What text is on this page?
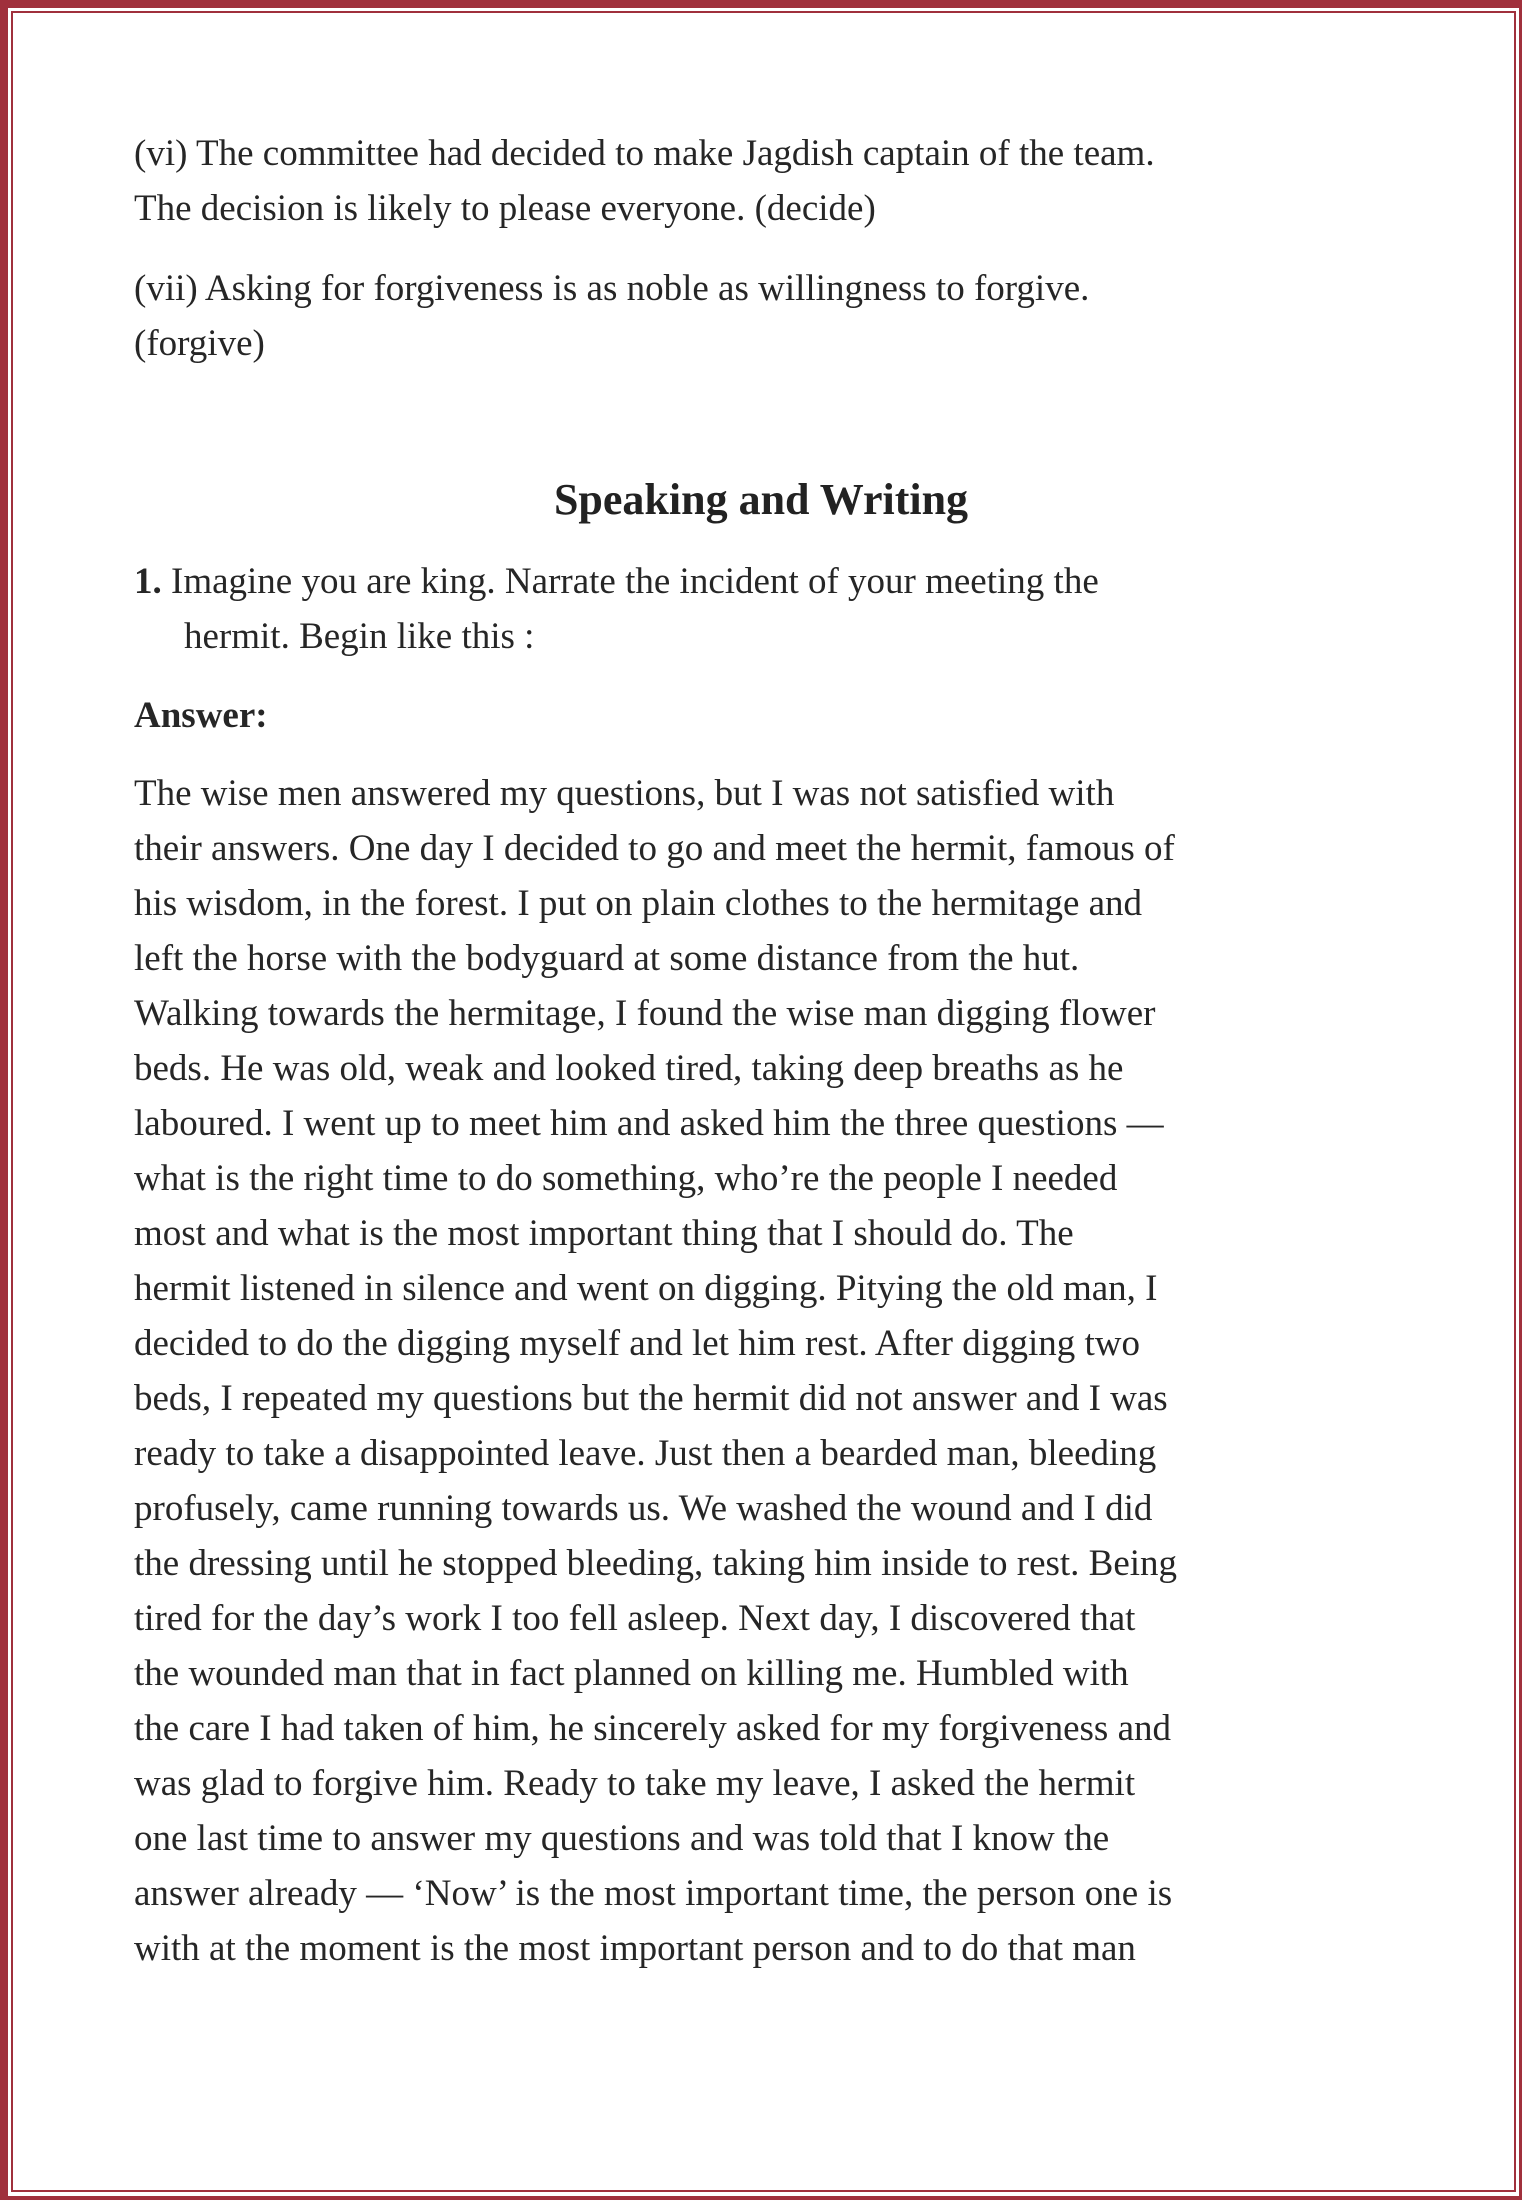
(vi) The committee had decided to make Jagdish captain of the team.
The decision is likely to please everyone. (decide)
(vii) Asking for forgiveness is as noble as willingness to forgive.
(forgive)
Speaking and Writing
1. Imagine you are king. Narrate the incident of your meeting the
hermit. Begin like this :
Answer:
The wise men answered my questions, but I was not satisfied with
their answers. One day I decided to go and meet the hermit, famous of
his wisdom, in the forest. I put on plain clothes to the hermitage and
left the horse with the bodyguard at some distance from the hut.
Walking towards the hermitage, I found the wise man digging flower
beds. He was old, weak and looked tired, taking deep breaths as he
laboured. I went up to meet him and asked him the three questions —
what is the right time to do something, who’re the people I needed
most and what is the most important thing that I should do. The
hermit listened in silence and went on digging. Pitying the old man, I
decided to do the digging myself and let him rest. After digging two
beds, I repeated my questions but the hermit did not answer and I was
ready to take a disappointed leave. Just then a bearded man, bleeding
profusely, came running towards us. We washed the wound and I did
the dressing until he stopped bleeding, taking him inside to rest. Being
tired for the day’s work I too fell asleep. Next day, I discovered that
the wounded man that in fact planned on killing me. Humbled with
the care I had taken of him, he sincerely asked for my forgiveness and
was glad to forgive him. Ready to take my leave, I asked the hermit
one last time to answer my questions and was told that I know the
answer already — ‘Now’ is the most important time, the person one is
with at the moment is the most important person and to do that man
